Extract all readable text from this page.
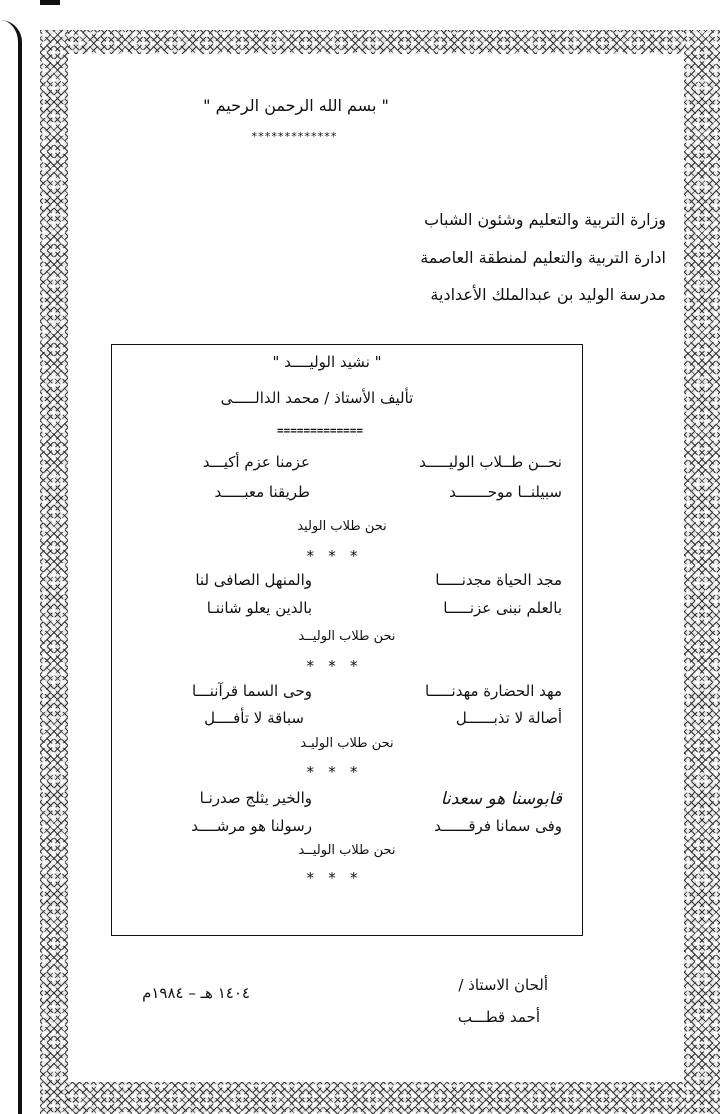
" بسم الله الرحمن الرحيم "
*************
وزارة التربية والتعليم وشئون الشباب
ادارة التربية والتعليم لمنطقة العاصمة
مدرسة الوليد بن عبدالملك الأعدادية
" نشيد الوليــــد "
تأليف الأستاذ / محمد الدالـــــى
=============
نحــن طــلاب الوليـــــد
عزمنا عزم أكيـــد
سبيلنــا موحـــــــد
طريقنا معبـــــد
نحن طلاب الوليد
*   *   *
مجد الحياة مجدنـــــا
والمنهل الصافى لنا
بالعلم نبنى عزنـــــا
بالدين يعلو شاننـا
نحن طلاب الوليــد
*   *   *
مهد الحضارة مهدنـــــا
وحى السما قرآننـــا
أصالة لا تذبــــــل
سباقة لا تأفــــل
نحن طلاب الوليـد
*   *   *
قابوسنا هو سعدنا
والخير يثلج صدرنـا
وفى سمانا فرقــــــد
رسولنا هو مرشــــد
نحن طلاب الوليــد
*   *   *
ألحان الاستاذ /
أحمد قطـــب
١٤٠٤ هـ – ١٩٨٤م
